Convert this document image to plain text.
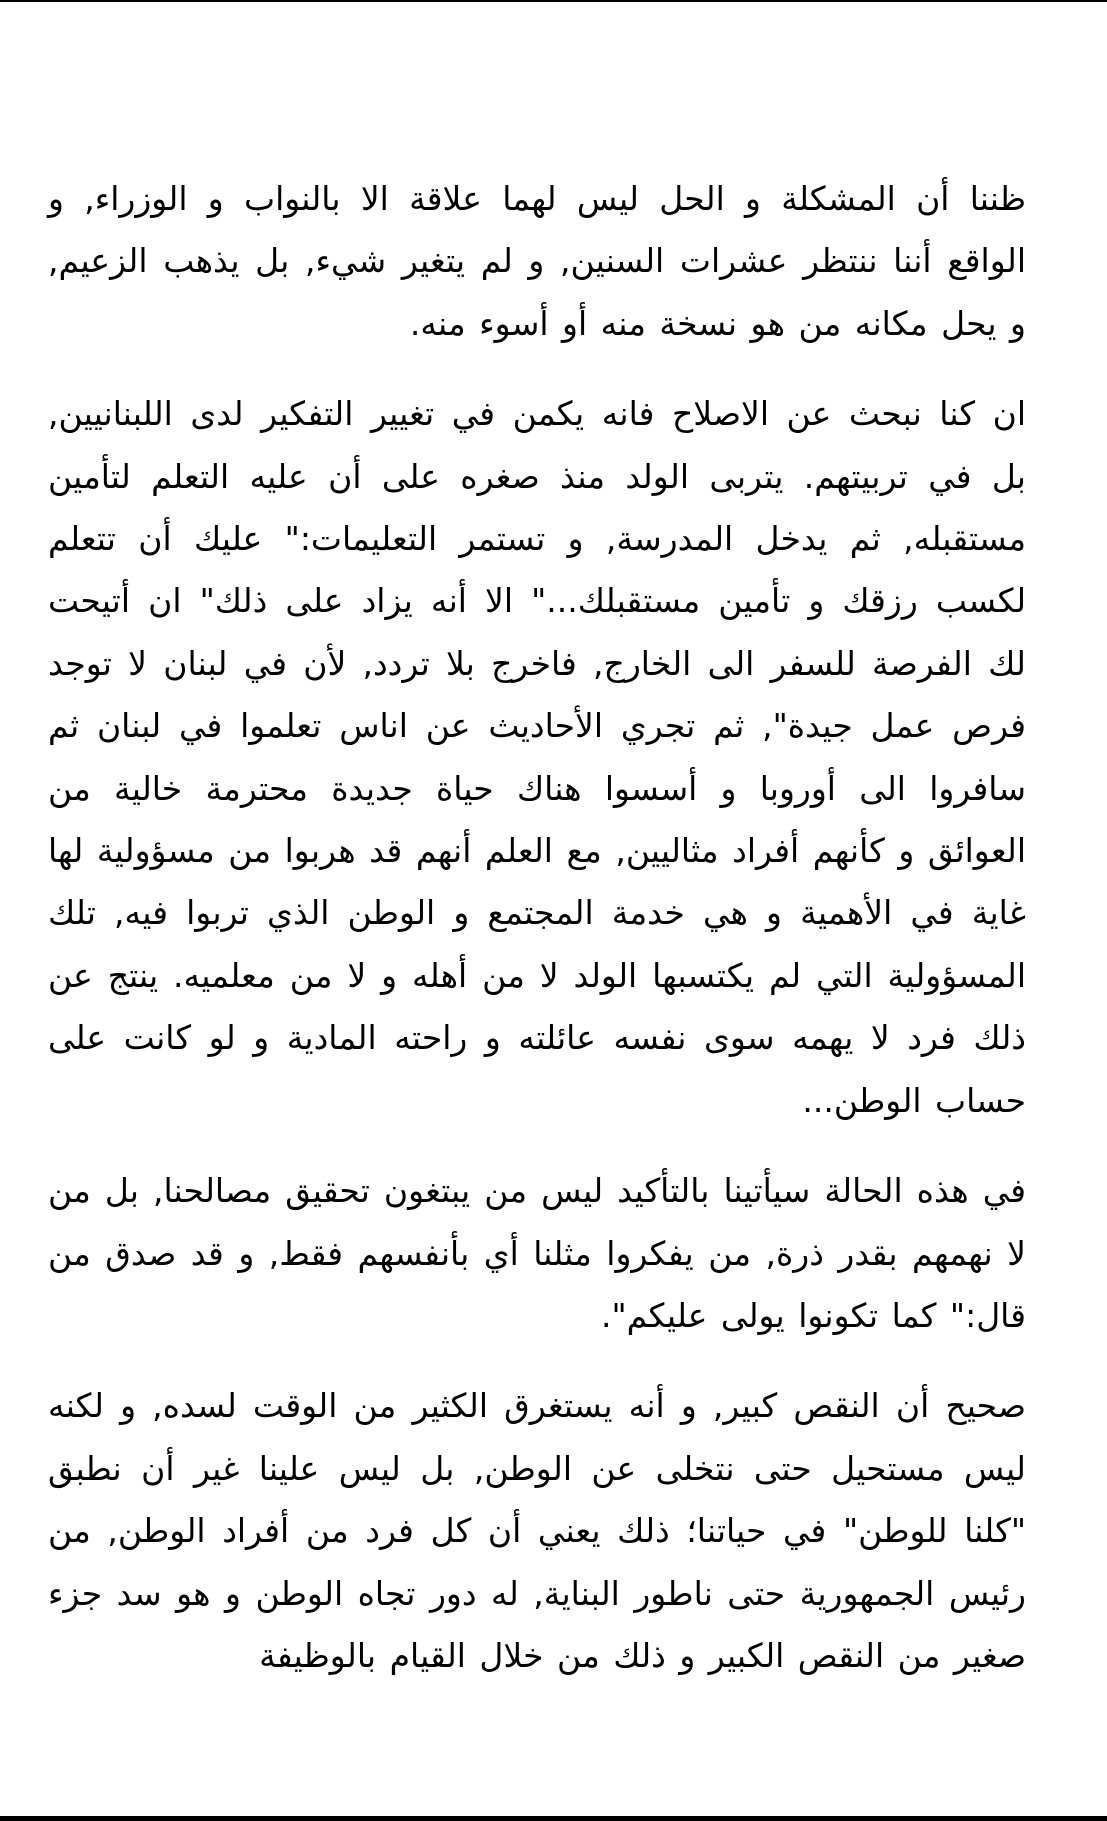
ظننا أن المشكلة و الحل ليس لهما علاقة الا بالنواب و الوزراء, و الواقع أننا ننتظر عشرات السنين, و لم يتغير شيء, بل يذهب الزعيم, و يحل مكانه من هو نسخة منه أو أسوء منه.

ان كنا نبحث عن الاصلاح فانه يكمن في تغيير التفكير لدى اللبنانيين, بل في تربيتهم. يتربى الولد منذ صغره على أن عليه التعلم لتأمين مستقبله, ثم يدخل المدرسة, و تستمر التعليمات:" عليك أن تتعلم لكسب رزقك و تأمين مستقبلك..." الا أنه يزاد على ذلك" ان أتيحت لك الفرصة للسفر الى الخارج, فاخرج بلا تردد, لأن في لبنان لا توجد فرص عمل جيدة", ثم تجري الأحاديث عن اناس تعلموا في لبنان ثم سافروا الى أوروبا و أسسوا هناك حياة جديدة محترمة خالية من العوائق و كأنهم أفراد مثاليين, مع العلم أنهم قد هربوا من مسؤولية لها غاية في الأهمية و هي خدمة المجتمع و الوطن الذي تربوا فيه, تلك المسؤولية التي لم يكتسبها الولد لا من أهله و لا من معلميه. ينتج عن ذلك فرد لا يهمه سوى نفسه عائلته و راحته المادية و لو كانت على حساب الوطن...

في هذه الحالة سيأتينا بالتأكيد ليس من يبتغون تحقيق مصالحنا, بل من لا نهمهم بقدر ذرة, من يفكروا مثلنا أي بأنفسهم فقط, و قد صدق من قال:" كما تكونوا يولى عليكم".

صحيح أن النقص كبير, و أنه يستغرق الكثير من الوقت لسده, و لكنه ليس مستحيل حتى نتخلى عن الوطن, بل ليس علينا غير أن نطبق "كلنا للوطن" في حياتنا؛ ذلك يعني أن كل فرد من أفراد الوطن, من رئيس الجمهورية حتى ناطور البناية, له دور تجاه الوطن و هو سد جزء صغير من النقص الكبير و ذلك من خلال القيام بالوظيفة
